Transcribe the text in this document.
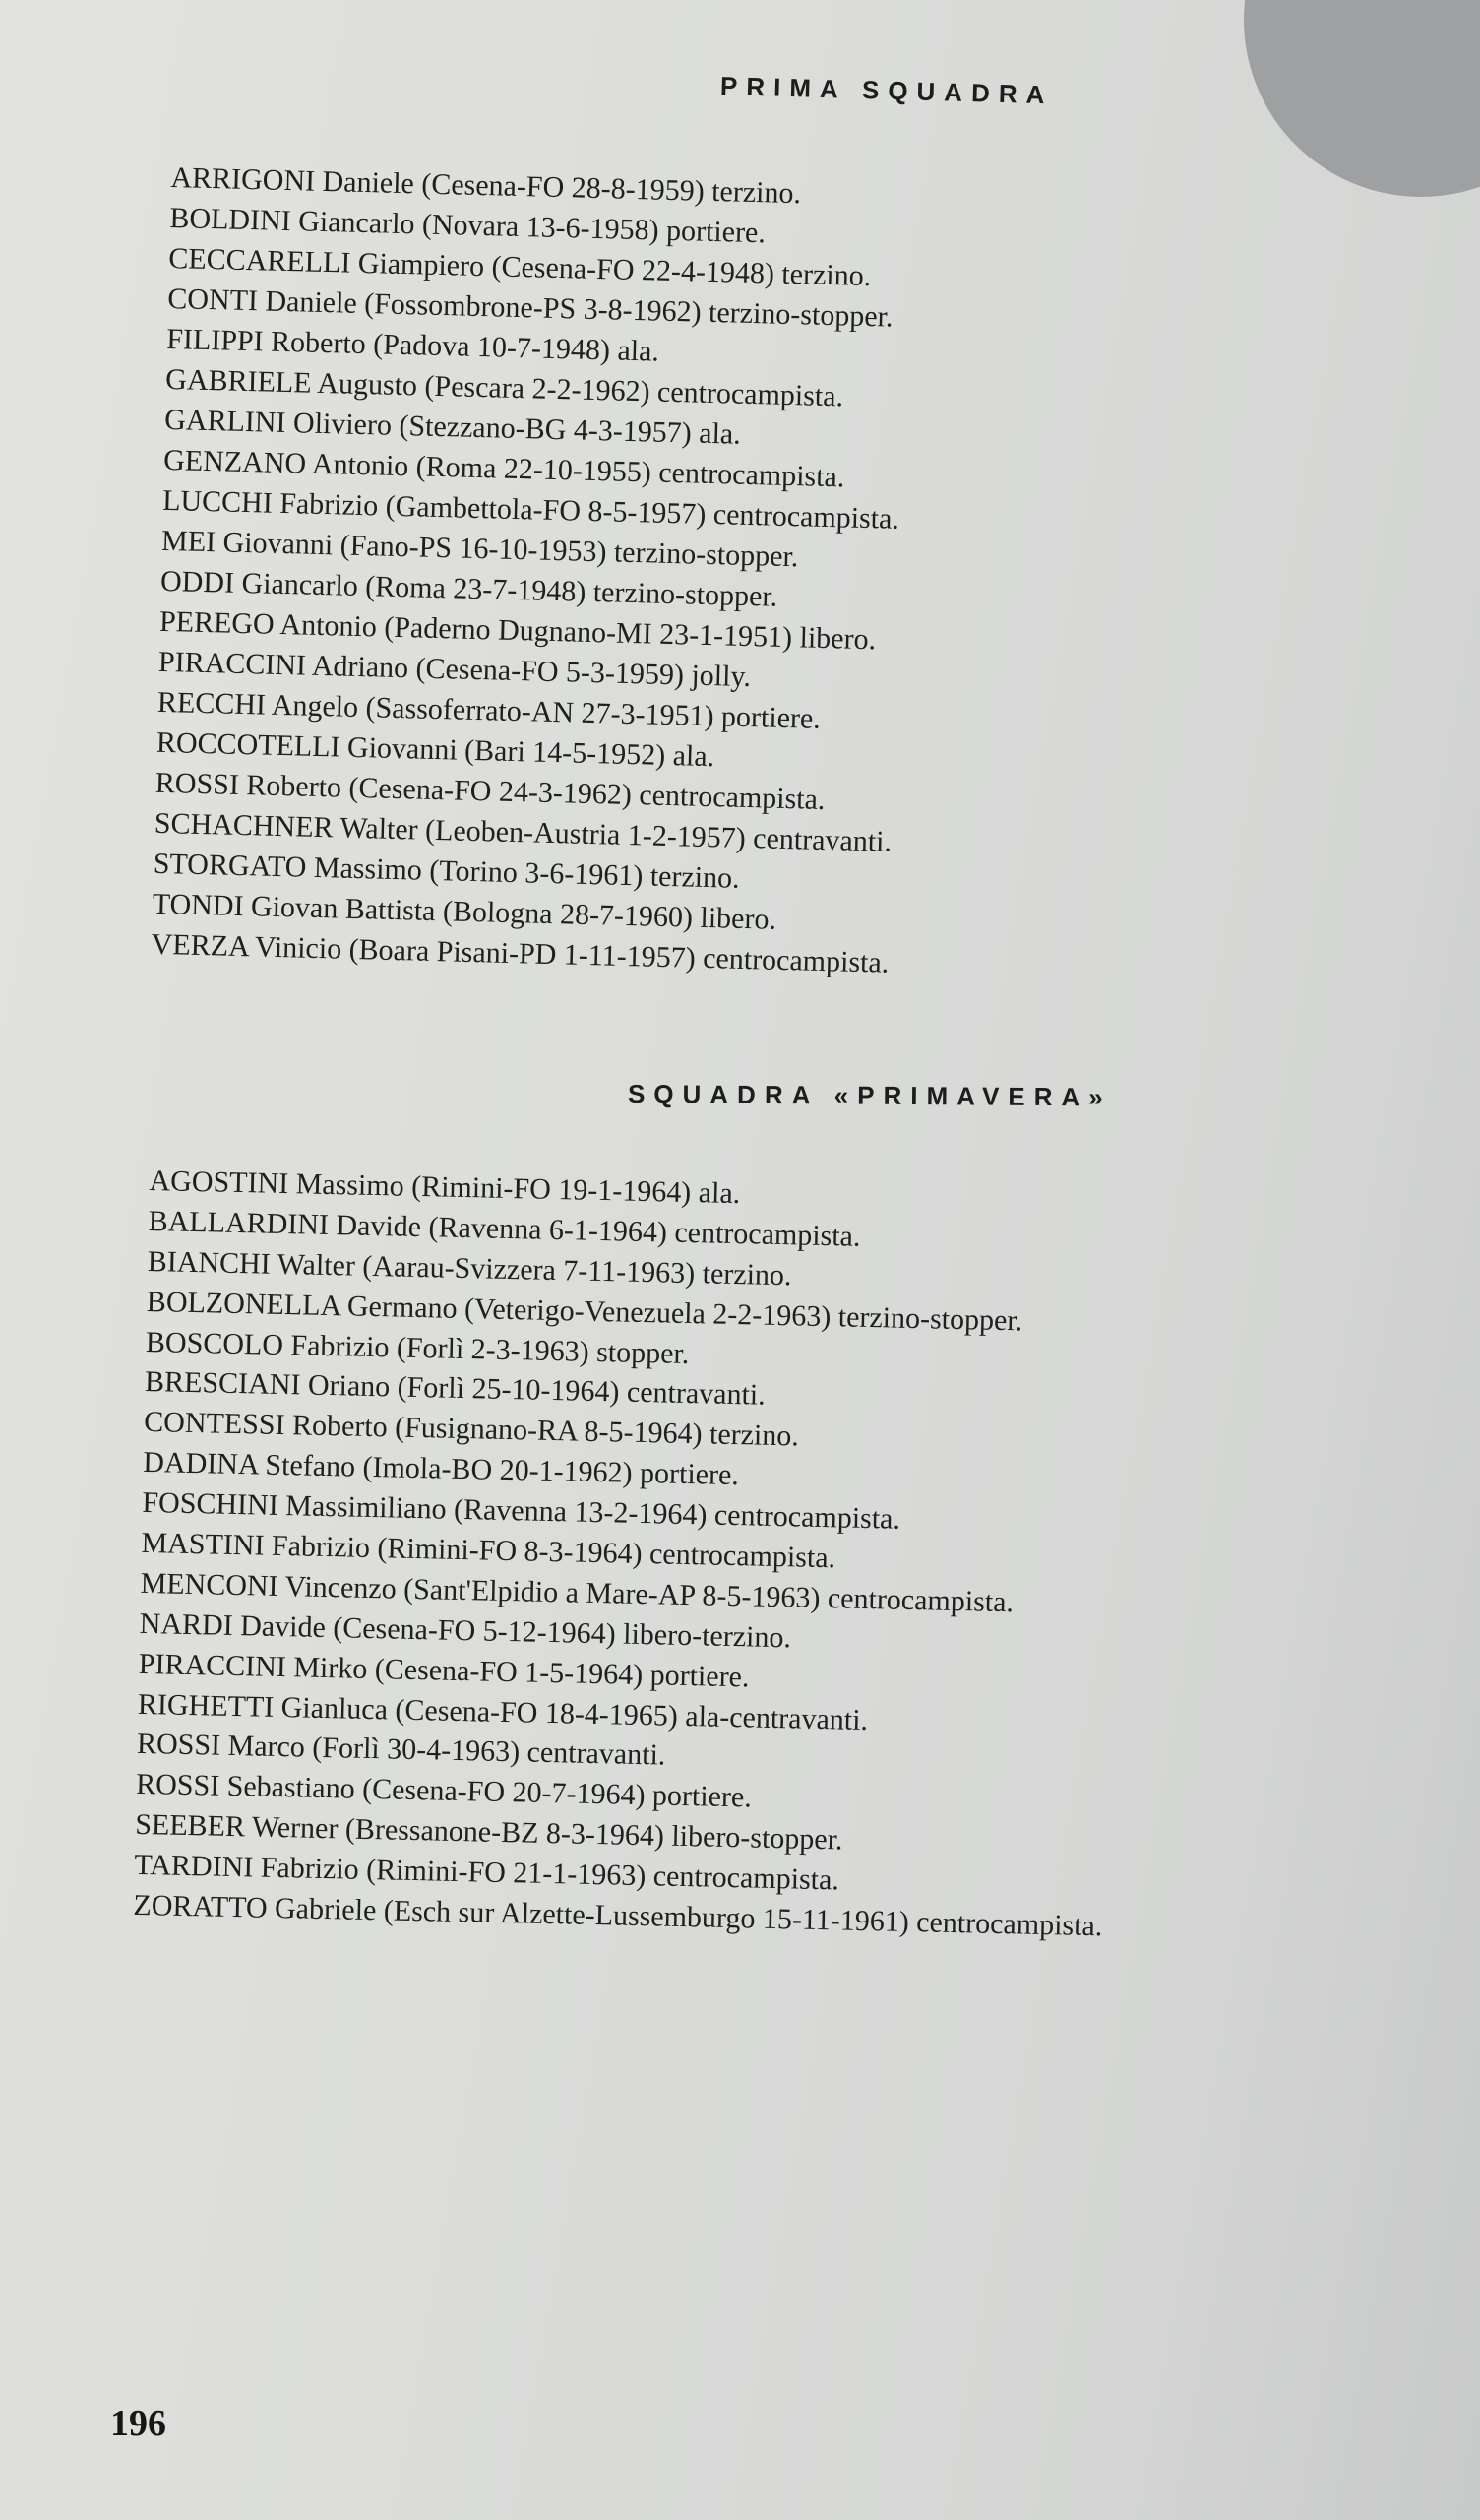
PRIMA SQUADRA
ARRIGONI Daniele (Cesena-FO 28-8-1959) terzino.
BOLDINI Giancarlo (Novara 13-6-1958) portiere.
CECCARELLI Giampiero (Cesena-FO 22-4-1948) terzino.
CONTI Daniele (Fossombrone-PS 3-8-1962) terzino-stopper.
FILIPPI Roberto (Padova 10-7-1948) ala.
GABRIELE Augusto (Pescara 2-2-1962) centrocampista.
GARLINI Oliviero (Stezzano-BG 4-3-1957) ala.
GENZANO Antonio (Roma 22-10-1955) centrocampista.
LUCCHI Fabrizio (Gambettola-FO 8-5-1957) centrocampista.
MEI Giovanni (Fano-PS 16-10-1953) terzino-stopper.
ODDI Giancarlo (Roma 23-7-1948) terzino-stopper.
PEREGO Antonio (Paderno Dugnano-MI 23-1-1951) libero.
PIRACCINI Adriano (Cesena-FO 5-3-1959) jolly.
RECCHI Angelo (Sassoferrato-AN 27-3-1951) portiere.
ROCCOTELLI Giovanni (Bari 14-5-1952) ala.
ROSSI Roberto (Cesena-FO 24-3-1962) centrocampista.
SCHACHNER Walter (Leoben-Austria 1-2-1957) centravanti.
STORGATO Massimo (Torino 3-6-1961) terzino.
TONDI Giovan Battista (Bologna 28-7-1960) libero.
VERZA Vinicio (Boara Pisani-PD 1-11-1957) centrocampista.
SQUADRA «PRIMAVERA»
AGOSTINI Massimo (Rimini-FO 19-1-1964) ala.
BALLARDINI Davide (Ravenna 6-1-1964) centrocampista.
BIANCHI Walter (Aarau-Svizzera 7-11-1963) terzino.
BOLZONELLA Germano (Veterigo-Venezuela 2-2-1963) terzino-stopper.
BOSCOLO Fabrizio (Forlì 2-3-1963) stopper.
BRESCIANI Oriano (Forlì 25-10-1964) centravanti.
CONTESSI Roberto (Fusignano-RA 8-5-1964) terzino.
DADINA Stefano (Imola-BO 20-1-1962) portiere.
FOSCHINI Massimiliano (Ravenna 13-2-1964) centrocampista.
MASTINI Fabrizio (Rimini-FO 8-3-1964) centrocampista.
MENCONI Vincenzo (Sant'Elpidio a Mare-AP 8-5-1963) centrocampista.
NARDI Davide (Cesena-FO 5-12-1964) libero-terzino.
PIRACCINI Mirko (Cesena-FO 1-5-1964) portiere.
RIGHETTI Gianluca (Cesena-FO 18-4-1965) ala-centravanti.
ROSSI Marco (Forlì 30-4-1963) centravanti.
ROSSI Sebastiano (Cesena-FO 20-7-1964) portiere.
SEEBER Werner (Bressanone-BZ 8-3-1964) libero-stopper.
TARDINI Fabrizio (Rimini-FO 21-1-1963) centrocampista.
ZORATTO Gabriele (Esch sur Alzette-Lussemburgo 15-11-1961) centrocampista.
196
